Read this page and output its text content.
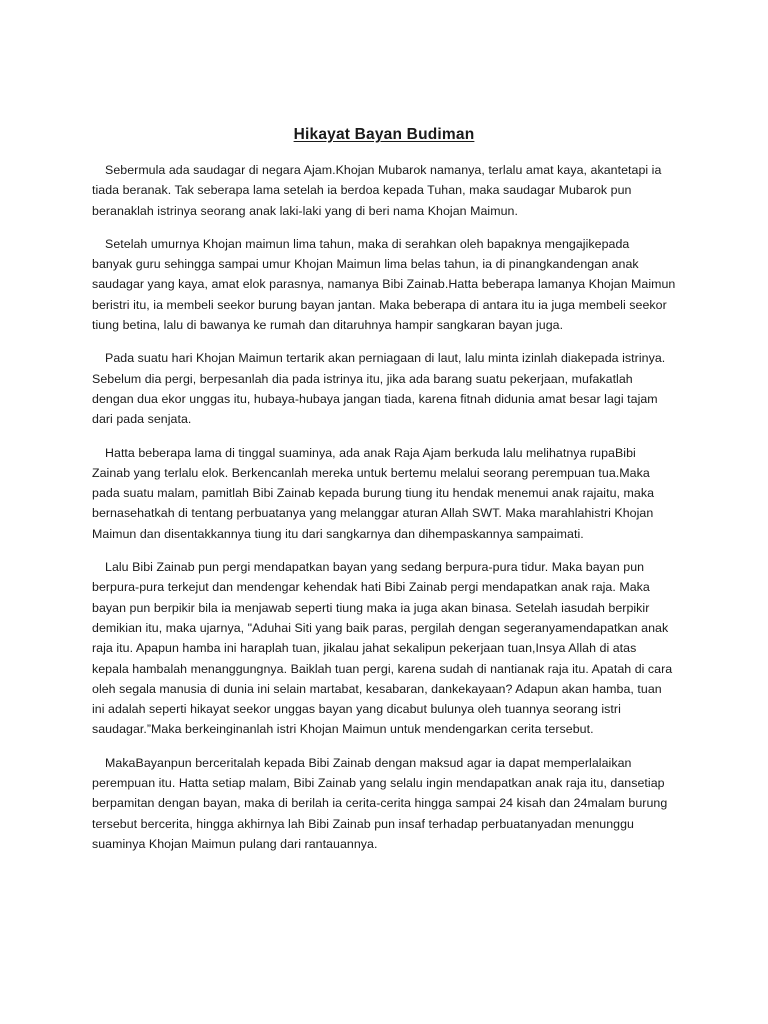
Hikayat Bayan Budiman

Sebermula ada saudagar di negara Ajam.Khojan Mubarok namanya, terlalu amat kaya, akantetapi ia
tiada beranak. Tak seberapa lama setelah ia berdoa kepada Tuhan, maka saudagar Mubarok pun
beranaklah istrinya seorang anak laki-laki yang di beri nama Khojan Maimun.

Setelah umurnya Khojan maimun lima tahun, maka di serahkan oleh bapaknya mengajikepada
banyak guru sehingga sampai umur Khojan Maimun lima belas tahun, ia di pinangkandengan anak
saudagar yang kaya, amat elok parasnya, namanya Bibi Zainab.Hatta beberapa lamanya Khojan Maimun
beristri itu, ia membeli seekor burung bayan jantan. Maka beberapa di antara itu ia juga membeli seekor
tiung betina, lalu di bawanya ke rumah dan ditaruhnya hampir sangkaran bayan juga.

Pada suatu hari Khojan Maimun tertarik akan perniagaan di laut, lalu minta izinlah diakepada istrinya.
Sebelum dia pergi, berpesanlah dia pada istrinya itu, jika ada barang suatu pekerjaan, mufakatlah
dengan dua ekor unggas itu, hubaya-hubaya jangan tiada, karena fitnah didunia amat besar lagi tajam
dari pada senjata.

Hatta beberapa lama di tinggal suaminya, ada anak Raja Ajam berkuda lalu melihatnya rupaBibi
Zainab yang terlalu elok. Berkencanlah mereka untuk bertemu melalui seorang perempuan tua.Maka
pada suatu malam, pamitlah Bibi Zainab kepada burung tiung itu hendak menemui anak rajaitu, maka
bernasehatkah di tentang perbuatanya yang melanggar aturan Allah SWT. Maka marahlahistri Khojan
Maimun dan disentakkannya tiung itu dari sangkarnya dan dihempaskannya sampaimati.

Lalu Bibi Zainab pun pergi mendapatkan bayan yang sedang berpura-pura tidur. Maka bayan pun
berpura-pura terkejut dan mendengar kehendak hati Bibi Zainab pergi mendapatkan anak raja. Maka
bayan pun berpikir bila ia menjawab seperti tiung maka ia juga akan binasa. Setelah iasudah berpikir
demikian itu, maka ujarnya, "Aduhai Siti yang baik paras, pergilah dengan segeranyamendapatkan anak
raja itu. Apapun hamba ini haraplah tuan, jikalau jahat sekalipun pekerjaan tuan,Insya Allah di atas
kepala hambalah menanggungnya. Baiklah tuan pergi, karena sudah di nantianak raja itu. Apatah di cara
oleh segala manusia di dunia ini selain martabat, kesabaran, dankekayaan? Adapun akan hamba, tuan
ini adalah seperti hikayat seekor unggas bayan yang dicabut bulunya oleh tuannya seorang istri
saudagar.”Maka berkeinginanlah istri Khojan Maimun untuk mendengarkan cerita tersebut.

MakaBayanpun berceritalah kepada Bibi Zainab dengan maksud agar ia dapat memperlalaikan
perempuan itu. Hatta setiap malam, Bibi Zainab yang selalu ingin mendapatkan anak raja itu, dansetiap
berpamitan dengan bayan, maka di berilah ia cerita-cerita hingga sampai 24 kisah dan 24malam burung
tersebut bercerita, hingga akhirnya lah Bibi Zainab pun insaf terhadap perbuatanyadan menunggu
suaminya Khojan Maimun pulang dari rantauannya.
